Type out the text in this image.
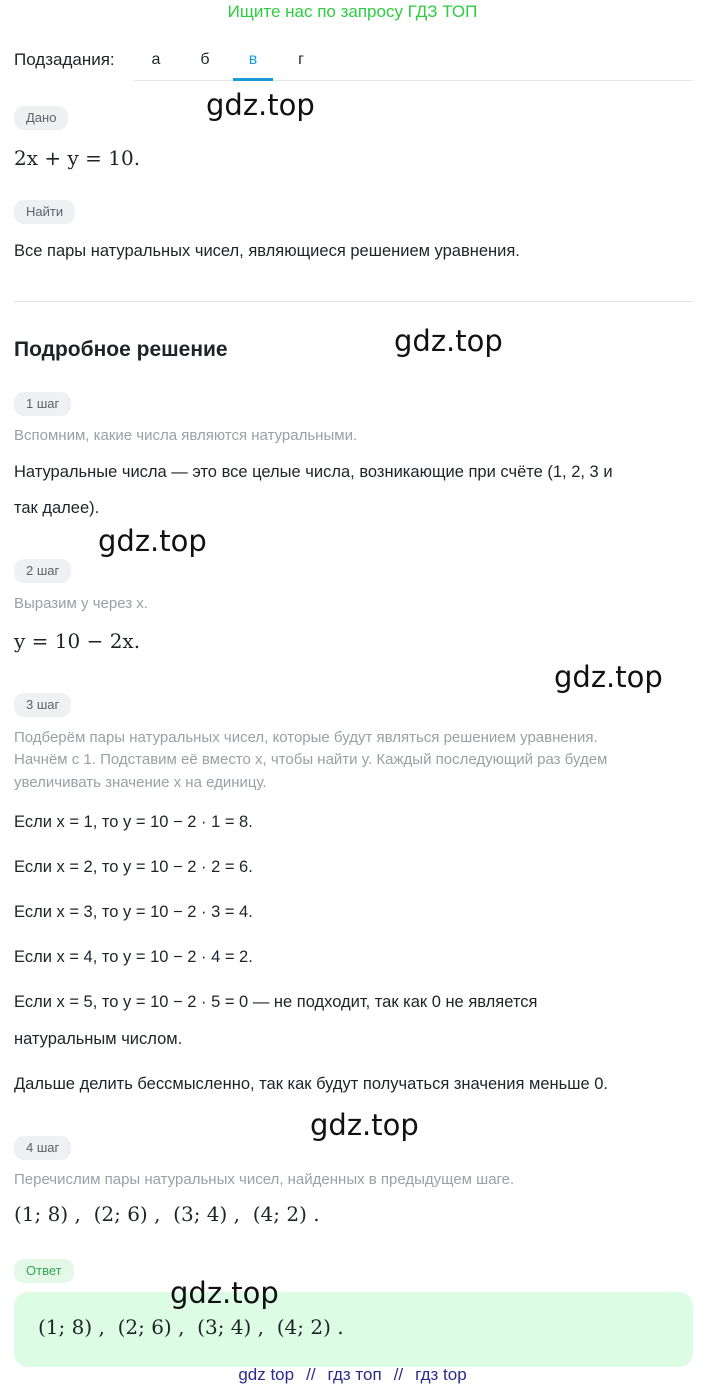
Ищите нас по запросу ГДЗ ТОП
Подзадания:	а	б	в	г
Дано	gdz.top
2x + y = 10.
Найти
Все пары натуральных чисел, являющиеся решением уравнения.
Подробное решение	gdz.top
1 шаг
Вспомним, какие числа являются натуральными.
Натуральные числа — это все целые числа, возникающие при счёте (1, 2, 3 и
так далее).
gdz.top
2 шаг
Выразим y через x.
y = 10 − 2x.
gdz.top
3 шаг
Подберём пары натуральных чисел, которые будут являться решением уравнения.
Начнём с 1. Подставим её вместо x, чтобы найти y. Каждый последующий раз будем
увеличивать значение x на единицу.
Если x = 1, то y = 10 − 2 · 1 = 8.
Если x = 2, то y = 10 − 2 · 2 = 6.
Если x = 3, то y = 10 − 2 · 3 = 4.
Если x = 4, то y = 10 − 2 · 4 = 2.
Если x = 5, то y = 10 − 2 · 5 = 0 — не подходит, так как 0 не является
натуральным числом.
Дальше делить бессмысленно, так как будут получаться значения меньше 0.
gdz.top
4 шаг
Перечислим пары натуральных чисел, найденных в предыдущем шаге.
(1; 8) ,  (2; 6) ,  (3; 4) ,  (4; 2) .
Ответ
(1; 8) ,  (2; 6) ,  (3; 4) ,  (4; 2) .
gdz.top
gdz top // гдз топ // гдз top
